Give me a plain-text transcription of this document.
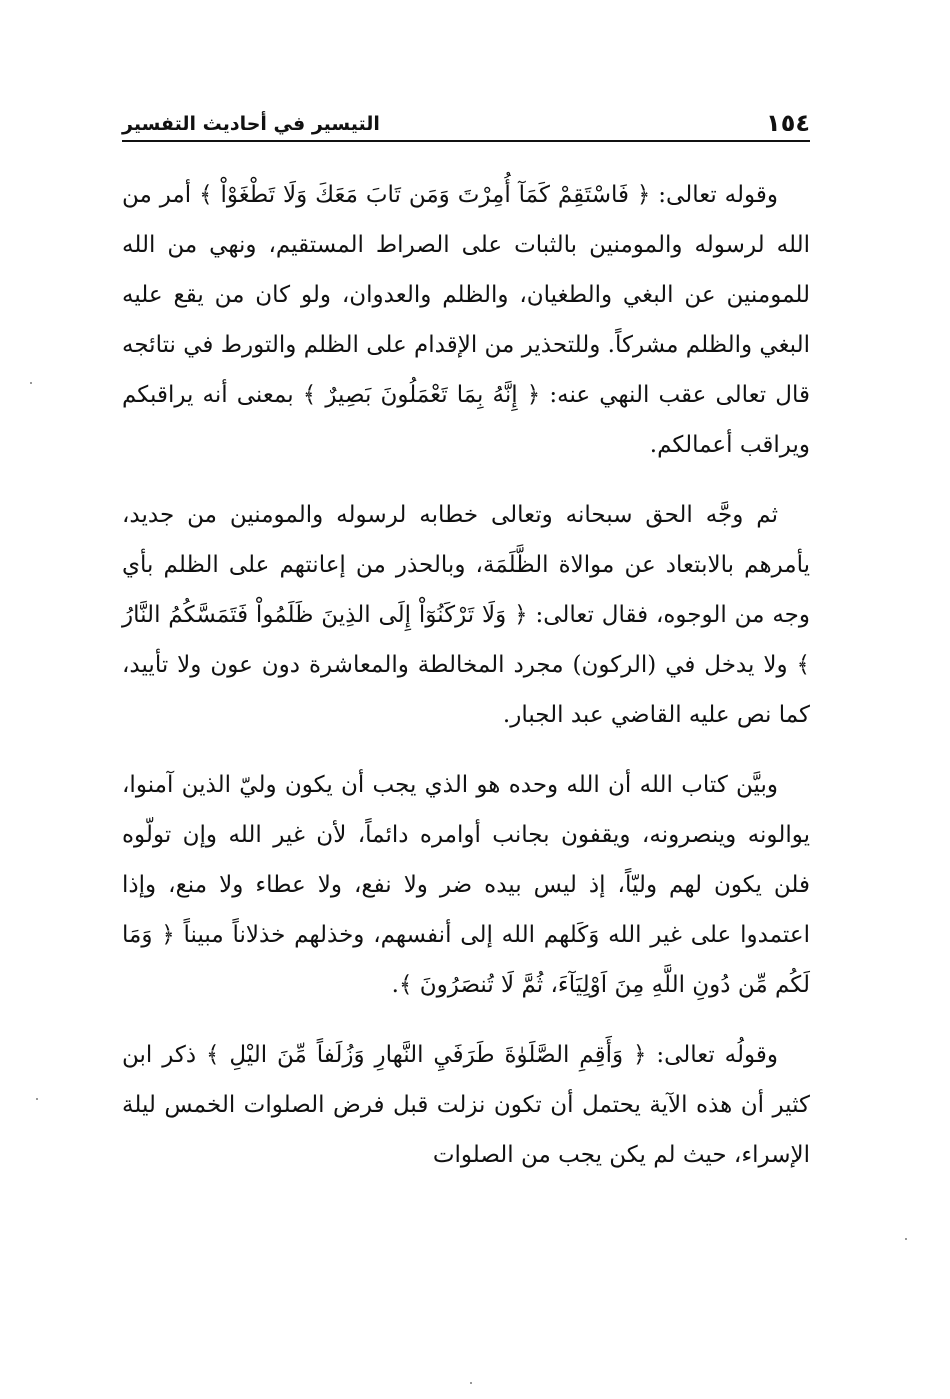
١٥٤
التيسير في أحاديث التفسير

وقوله تعالى: ﴿ فَاسْتَقِمْ كَمَآ أُمِرْتَ وَمَن تَابَ مَعَكَ وَلَا تَطْغَوْاْ ﴾ أمر من الله لرسوله والمومنين بالثبات على الصراط المستقيم، ونهي من الله للمومنين عن البغي والطغيان، والظلم والعدوان، ولو كان من يقع عليه البغي والظلم مشركاً. وللتحذير من الإقدام على الظلم والتورط في نتائجه قال تعالى عقب النهي عنه: ﴿ إِنَّهُ بِمَا تَعْمَلُونَ بَصِيرٌ ﴾ بمعنى أنه يراقبكم ويراقب أعمالكم.

ثم وجَّه الحق سبحانه وتعالى خطابه لرسوله والمومنين من جديد، يأمرهم بالابتعاد عن موالاة الظَّلَمَة، وبالحذر من إعانتهم على الظلم بأي وجه من الوجوه، فقال تعالى: ﴿ وَلَا تَرْكَنُوٓاْ إِلَى الذِينَ ظَلَمُواْ فَتَمَسَّكُمُ النَّارُ ﴾ ولا يدخل في (الركون) مجرد المخالطة والمعاشرة دون عون ولا تأييد، كما نص عليه القاضي عبد الجبار.

وبيَّن كتاب الله أن الله وحده هو الذي يجب أن يكون وليّ الذين آمنوا، يوالونه وينصرونه، ويقفون بجانب أوامره دائماً، لأن غير الله وإن تولّوه فلن يكون لهم وليّاً، إذ ليس بيده ضر ولا نفع، ولا عطاء ولا منع، وإذا اعتمدوا على غير الله وَكَلهم الله إلى أنفسهم، وخذلهم خذلاناً مبيناً ﴿ وَمَا لَكُم مِّن دُونِ اللَّهِ مِنَ اَوْلِيَآءَ، ثُمَّ لَا تُنصَرُونَ ﴾.

وقولُه تعالى: ﴿ وَأَقِمِ الصَّلَوٰةَ طَرَفَيِ النَّهارِ وَزُلَفاً مِّنَ اليْلِ ﴾ ذكر ابن كثير أن هذه الآية يحتمل أن تكون نزلت قبل فرض الصلوات الخمس ليلة الإسراء، حيث لم يكن يجب من الصلوات
